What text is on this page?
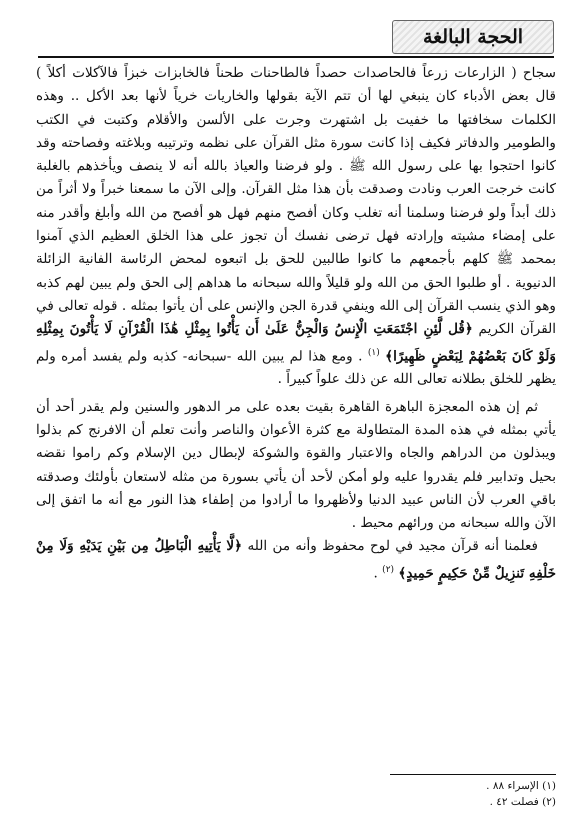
الحجة البالغة

سجاح ( الزارعات زرعاً فالحاصدات حصداً فالطاحنات طحناً فالخابزات خبزاً فالآكلات أكلاً ) قال بعض الأدباء كان ينبغي لها أن تتم الآية بقولها والخاريات خرياً لأنها بعد الأكل .. وهذه الكلمات سخافتها ما خفيت بل اشتهرت وجرت على الألسن والأقلام وكتبت في الكتب والطومير والدفاتر فكيف إذا كانت سورة مثل القرآن على نظمه وترتيبه وبلاغته وفصاحته وقد كانوا احتجوا بها على رسول الله ﷺ . ولو فرضنا والعياذ بالله أنه لا ينصف ويأخذهم بالغلبة كانت خرجت العرب ونادت وصدقت بأن هذا مثل القرآن. وإلى الآن ما سمعنا خبراً ولا أثراً من ذلك أبداً ولو فرضنا وسلمنا أنه تغلب وكان أفصح منهم فهل هو أفصح من الله وأبلغ وأقدر منه على إمضاء مشيته وإرادته فهل ترضى نفسك أن تجوز على هذا الخلق العظيم الذي آمنوا بمحمد ﷺ كلهم بأجمعهم ما كانوا طالبين للحق بل اتبعوه لمحض الرئاسة الفانية الزائلة الدنيوية . أو طلبوا الحق من الله ولو قليلاً والله سبحانه ما هداهم إلى الحق ولم يبين لهم كذبه وهو الذي ينسب القرآن إلى الله وينفي قدرة الجن والإنس على أن يأتوا بمثله . قوله تعالى في القرآن الكريم ﴿قُل لَّئِنِ اجْتَمَعَتِ الْإِنسُ وَالْجِنُّ عَلَىٰ أَن يَأْتُوا بِمِثْلِ هَٰذَا الْقُرْآنِ لَا يَأْتُونَ بِمِثْلِهِ وَلَوْ كَانَ بَعْضُهُمْ لِبَعْضٍ ظَهِيرًا﴾ $^{(١)}$ . ومع هذا لم يبين الله -سبحانه- كذبه ولم يفسد أمره ولم يظهر للخلق بطلانه تعالى الله عن ذلك علواً كبيراً .

ثم إن هذه المعجزة الباهرة القاهرة بقيت بعده على مر الدهور والسنين ولم يقدر أحد أن يأتي بمثله في هذه المدة المتطاولة مع كثرة الأعوان والناصر وأنت تعلم أن الافرنج كم بذلوا ويبذلون من الدراهم والجاه والاعتبار والقوة والشوكة لإبطال دين الإسلام وكم راموا نقضه بحيل وتدابير فلم يقدروا عليه ولو أمكن لأحد أن يأتي بسورة من مثله لاستعان بأولئك وصدقته باقي العرب لأن الناس عبيد الدنيا ولأظهروا ما أرادوا من إطفاء هذا النور مع أنه ما اتفق إلى الآن والله سبحانه من ورائهم محيط .

فعلمنا أنه قرآن مجيد في لوح محفوظ وأنه من الله ﴿لَّا يَأْتِيهِ الْبَاطِلُ مِن بَيْنِ يَدَيْهِ وَلَا مِنْ خَلْفِهِ تَنزِيلٌ مِّنْ حَكِيمٍ حَمِيدٍ﴾ $^{(٢)}$ .

(١) الإسراء ٨٨ .
(٢) فصلت ٤٢ .
